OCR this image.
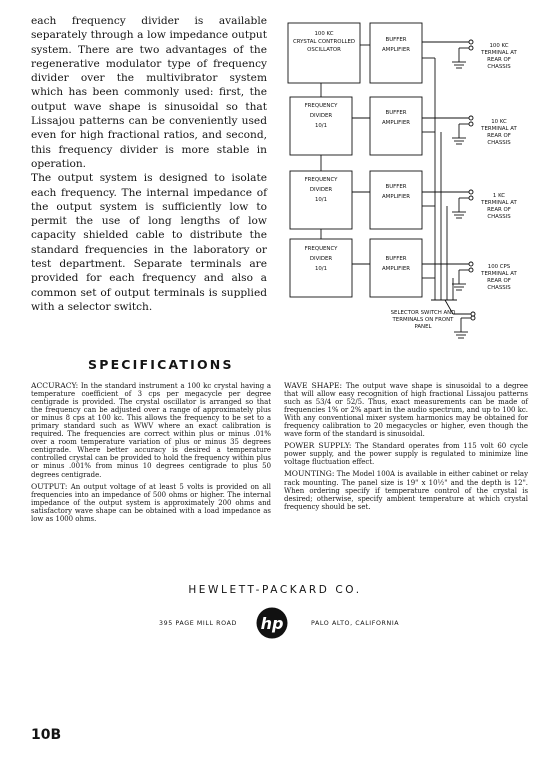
each frequency divider is available separately through a low impedance output system. There are two advantages of the regenerative modulator type of frequency divider over the multivibrator system which has been commonly used: first, the output wave shape is sinusoidal so that Lissajou patterns can be conveniently used even for high fractional ratios, and second, this frequency divider is more stable in operation.

The output system is designed to isolate each frequency. The internal impedance of the output system is sufficiently low to permit the use of long lengths of low capacity shielded cable to distribute the standard frequencies in the laboratory or test department. Separate terminals are provided for each frequency and also a common set of output terminals is supplied with a selector switch.

100 KC
CRYSTAL CONTROLLED
OSCILLATOR
FREQUENCY
DIVIDER
10/1
FREQUENCY
DIVIDER
10/1
FREQUENCY
DIVIDER
10/1
BUFFER
AMPLIFIER
BUFFER
AMPLIFIER
BUFFER
AMPLIFIER
BUFFER
AMPLIFIER
100 KC
TERMINAL AT
REAR OF
CHASSIS
10 KC
TERMINAL AT
REAR OF
CHASSIS
1 KC
TERMINAL AT
REAR OF
CHASSIS
100 CPS
TERMINAL AT
REAR OF
CHASSIS
SELECTOR SWITCH AND
TERMINALS ON FRONT
PANEL
SPECIFICATIONS

ACCURACY: In the standard instrument a 100 kc crystal having a temperature coefficient of 3 cps per megacycle per degree centigrade is provided. The crystal oscillator is arranged so that the frequency can be adjusted over a range of approximately plus or minus 8 cps at 100 kc. This allows the frequency to be set to a primary standard such as WWV where an exact calibration is required. The frequencies are correct within plus or minus .01% over a room temperature variation of plus or minus 35 degrees centigrade. Where better accuracy is desired a temperature controlled crystal can be provided to hold the frequency within plus or minus .001% from minus 10 degrees centigrade to plus 50 degrees centigrade.

OUTPUT: An output voltage of at least 5 volts is provided on all frequencies into an impedance of 500 ohms or higher. The internal impedance of the output system is approximately 200 ohms and satisfactory wave shape can be obtained with a load impedance as low as 1000 ohms.

WAVE SHAPE: The output wave shape is sinusoidal to a degree that will allow easy recognition of high fractional Lissajou patterns such as 53/4 or 52/5. Thus, exact measurements can be made of frequencies 1% or 2% apart in the audio spectrum, and up to 100 kc. With any conventional mixer system harmonics may be obtained for frequency calibration to 20 megacycles or higher, even though the wave form of the standard is sinusoidal.

POWER SUPPLY: The Standard operates from 115 volt 60 cycle power supply, and the power supply is regulated to minimize line voltage fluctuation effect.

MOUNTING: The Model 100A is available in either cabinet or relay rack mounting. The panel size is 19" x 10½" and the depth is 12". When ordering specify if temperature control of the crystal is desired; otherwise, specify ambient temperature at which crystal frequency should be set.

HEWLETT-PACKARD CO.

395 PAGE MILL ROAD hp	PALO ALTO, CALIFORNIA
10B
